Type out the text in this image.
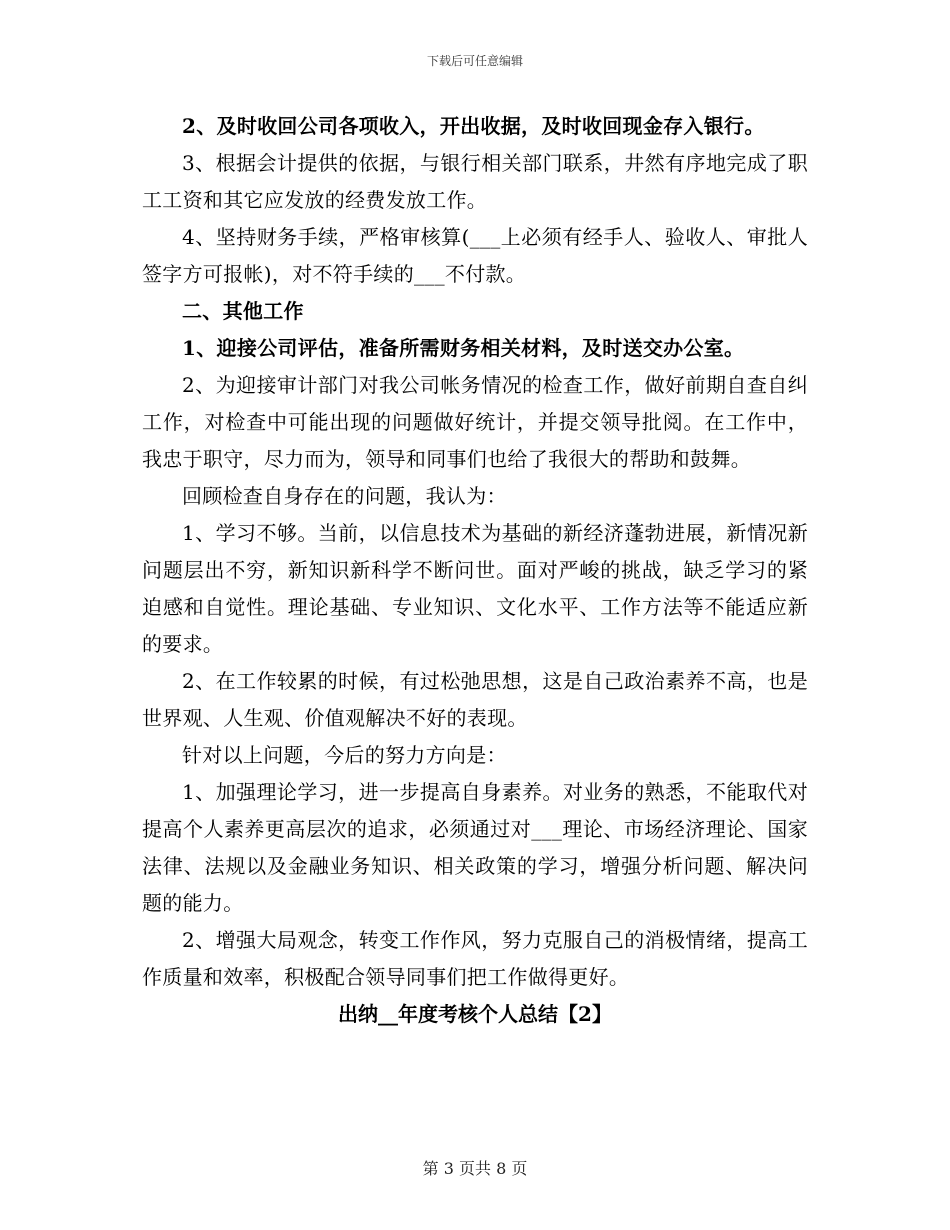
下载后可任意编辑

2、及时收回公司各项收入，开出收据，及时收回现金存入银行。

3、根据会计提供的依据，与银行相关部门联系，井然有序地完成了职工工资和其它应发放的经费发放工作。

4、坚持财务手续，严格审核算(___上必须有经手人、验收人、审批人签字方可报帐)，对不符手续的___不付款。

二、其他工作

1、迎接公司评估，准备所需财务相关材料，及时送交办公室。

2、为迎接审计部门对我公司帐务情况的检查工作，做好前期自查自纠工作，对检查中可能出现的问题做好统计，并提交领导批阅。在工作中，我忠于职守，尽力而为，领导和同事们也给了我很大的帮助和鼓舞。

回顾检查自身存在的问题，我认为：

1、学习不够。当前，以信息技术为基础的新经济蓬勃进展，新情况新问题层出不穷，新知识新科学不断问世。面对严峻的挑战，缺乏学习的紧迫感和自觉性。理论基础、专业知识、文化水平、工作方法等不能适应新的要求。

2、在工作较累的时候，有过松弛思想，这是自己政治素养不高，也是世界观、人生观、价值观解决不好的表现。

针对以上问题，今后的努力方向是：

1、加强理论学习，进一步提高自身素养。对业务的熟悉，不能取代对提高个人素养更高层次的追求，必须通过对___理论、市场经济理论、国家法律、法规以及金融业务知识、相关政策的学习，增强分析问题、解决问题的能力。

2、增强大局观念，转变工作作风，努力克服自己的消极情绪，提高工作质量和效率，积极配合领导同事们把工作做得更好。

出纳__年度考核个人总结【2】

第 3 页共 8 页
